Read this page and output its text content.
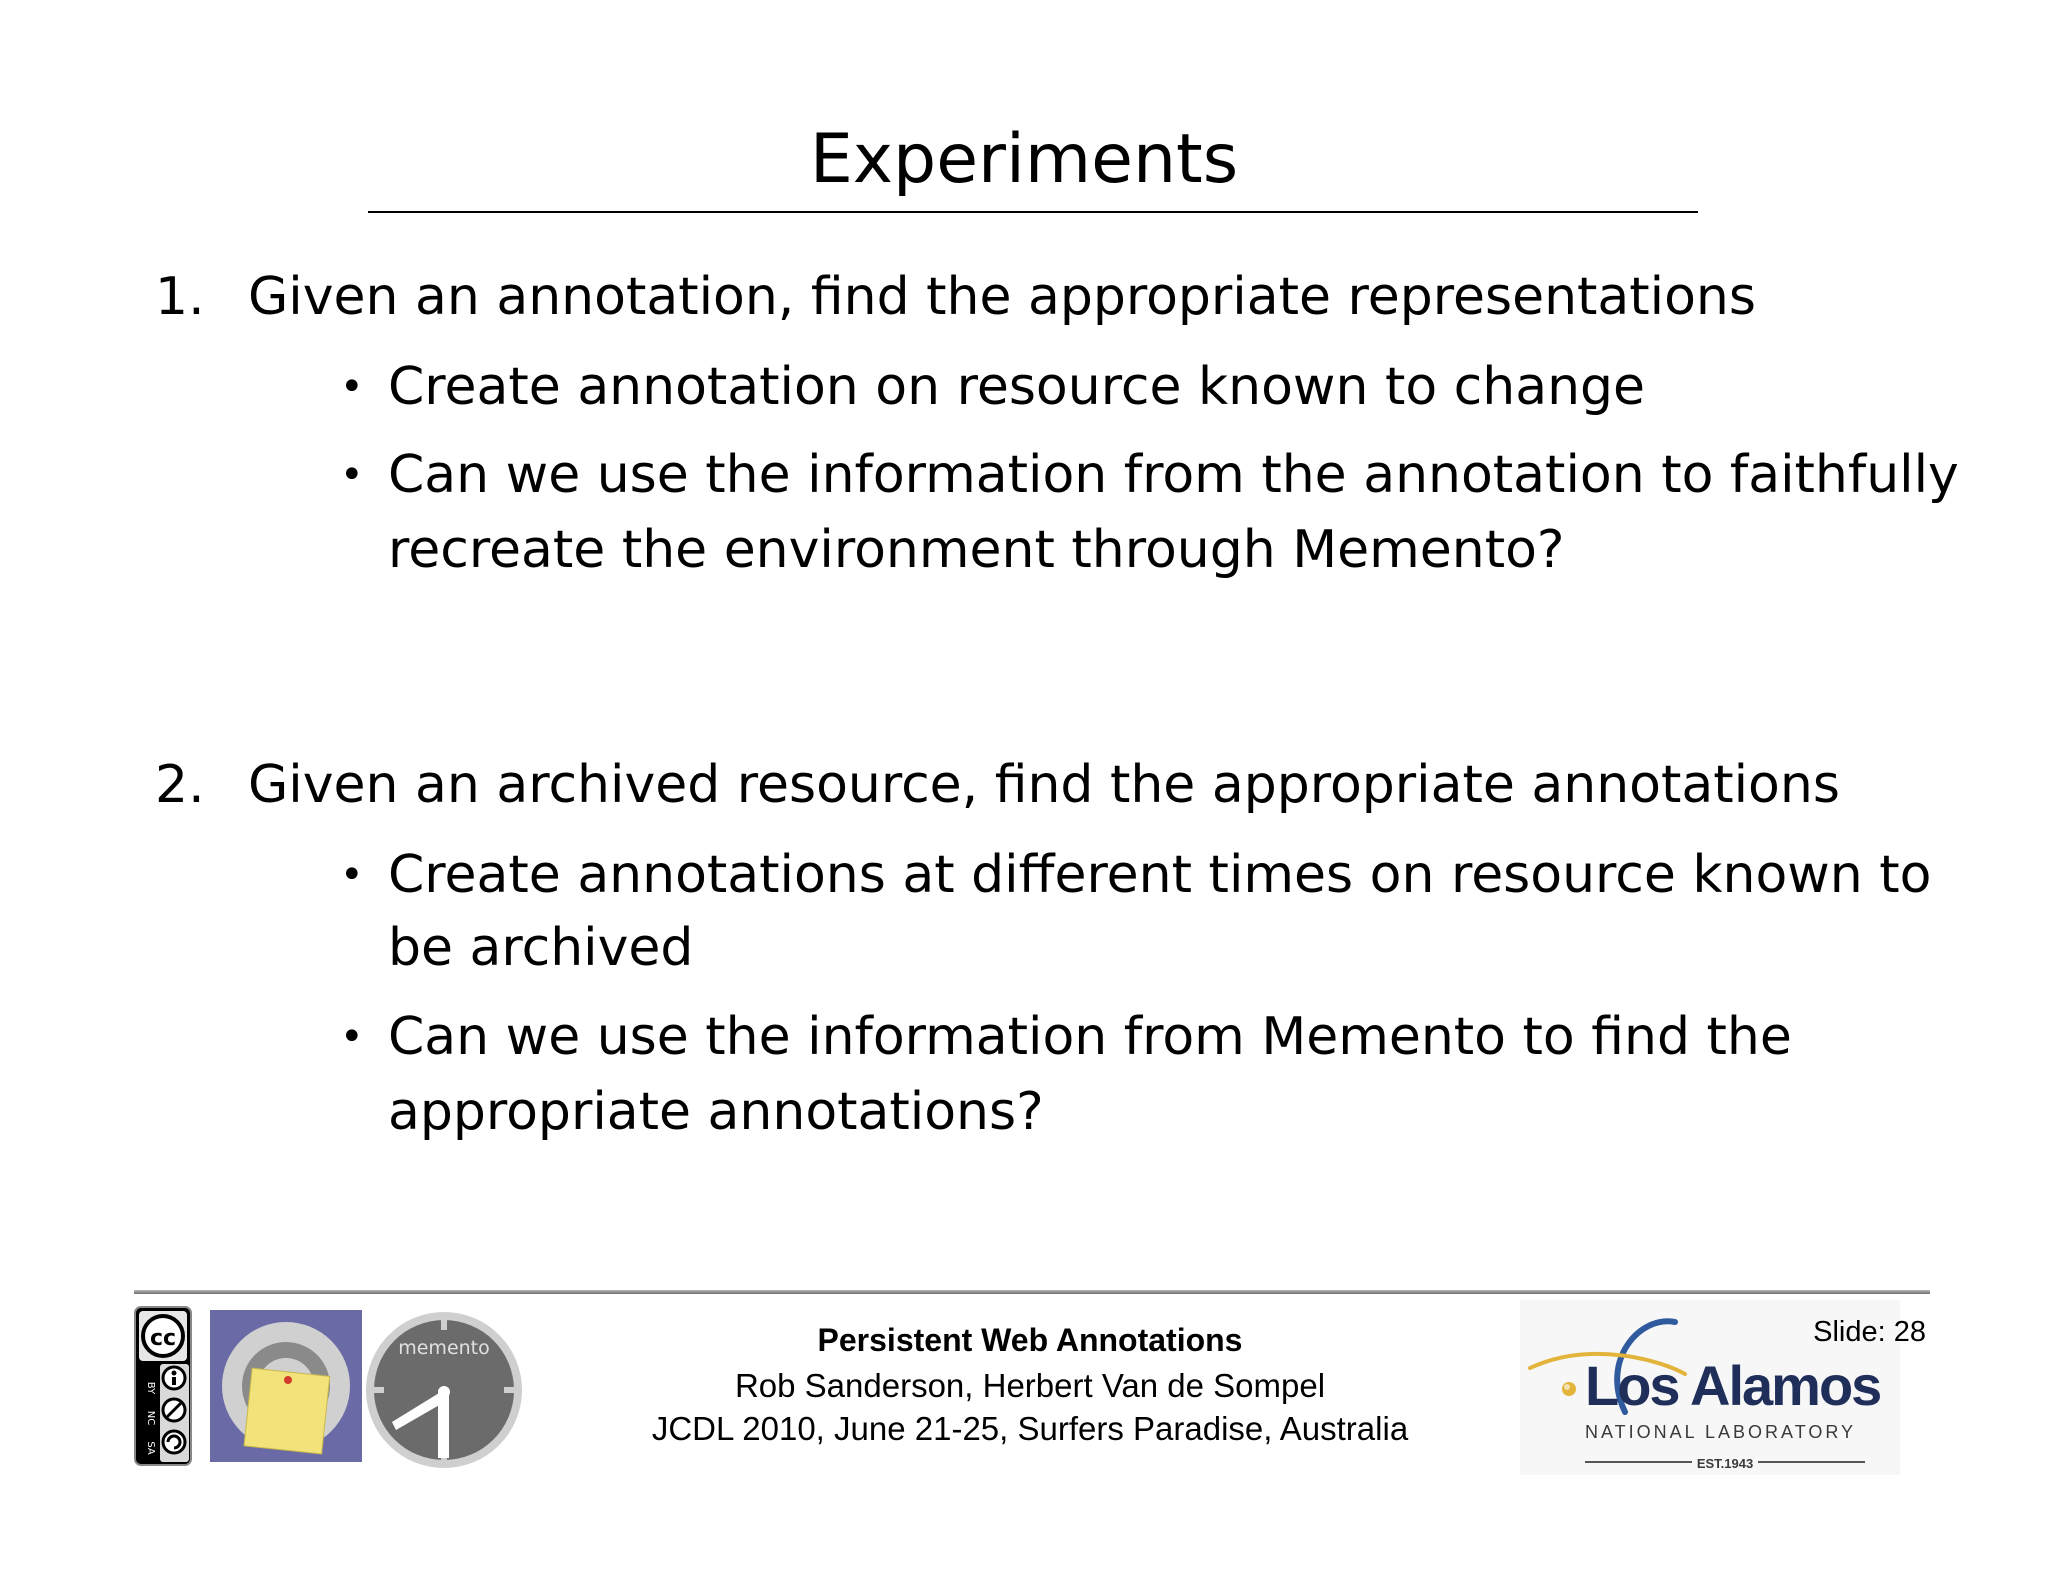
Experiments
1. Given an annotation, find the appropriate representations
• Create annotation on resource known to change
• Can we use the information from the annotation to faithfully
recreate the environment through Memento?
2. Given an archived resource, find the appropriate annotations
• Create annotations at different times on resource known to
be archived
• Can we use the information from Memento to find the
appropriate annotations?
cc
BY
NC
SA
memento	Persistent Web Annotations
Rob Sanderson, Herbert Van de Sompel
JCDL 2010, June 21-25, Surfers Paradise, Australia
Los Alamos
NATIONAL LABORATORY
EST.1943
Slide: 28
